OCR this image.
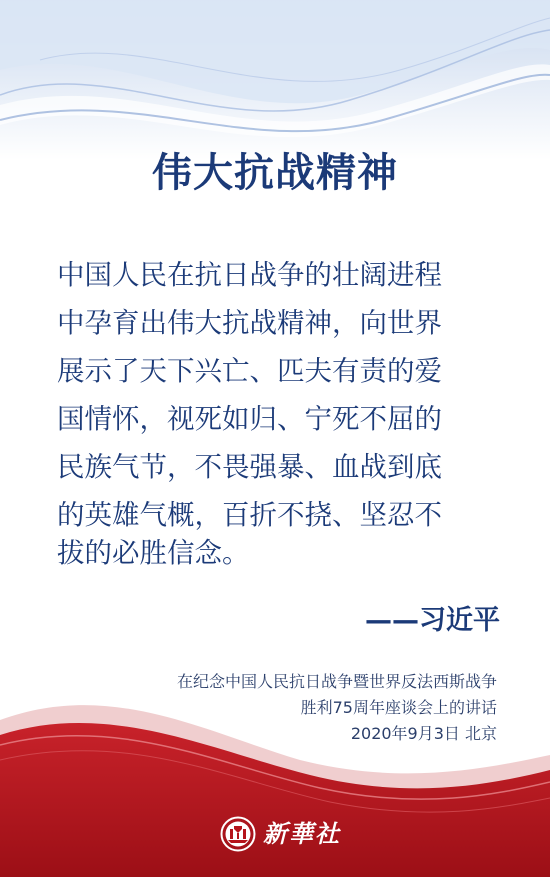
伟大抗战精神
中国人民在抗日战争的壮阔进程
中孕育出伟大抗战精神，向世界
展示了天下兴亡、匹夫有责的爱
国情怀，视死如归、宁死不屈的
民族气节，不畏强暴、血战到底
的英雄气概，百折不挠、坚忍不
拔的必胜信念。
——习近平
在纪念中国人民抗日战争暨世界反法西斯战争
胜利75周年座谈会上的讲话
2020年9月3日 北京
新華社
